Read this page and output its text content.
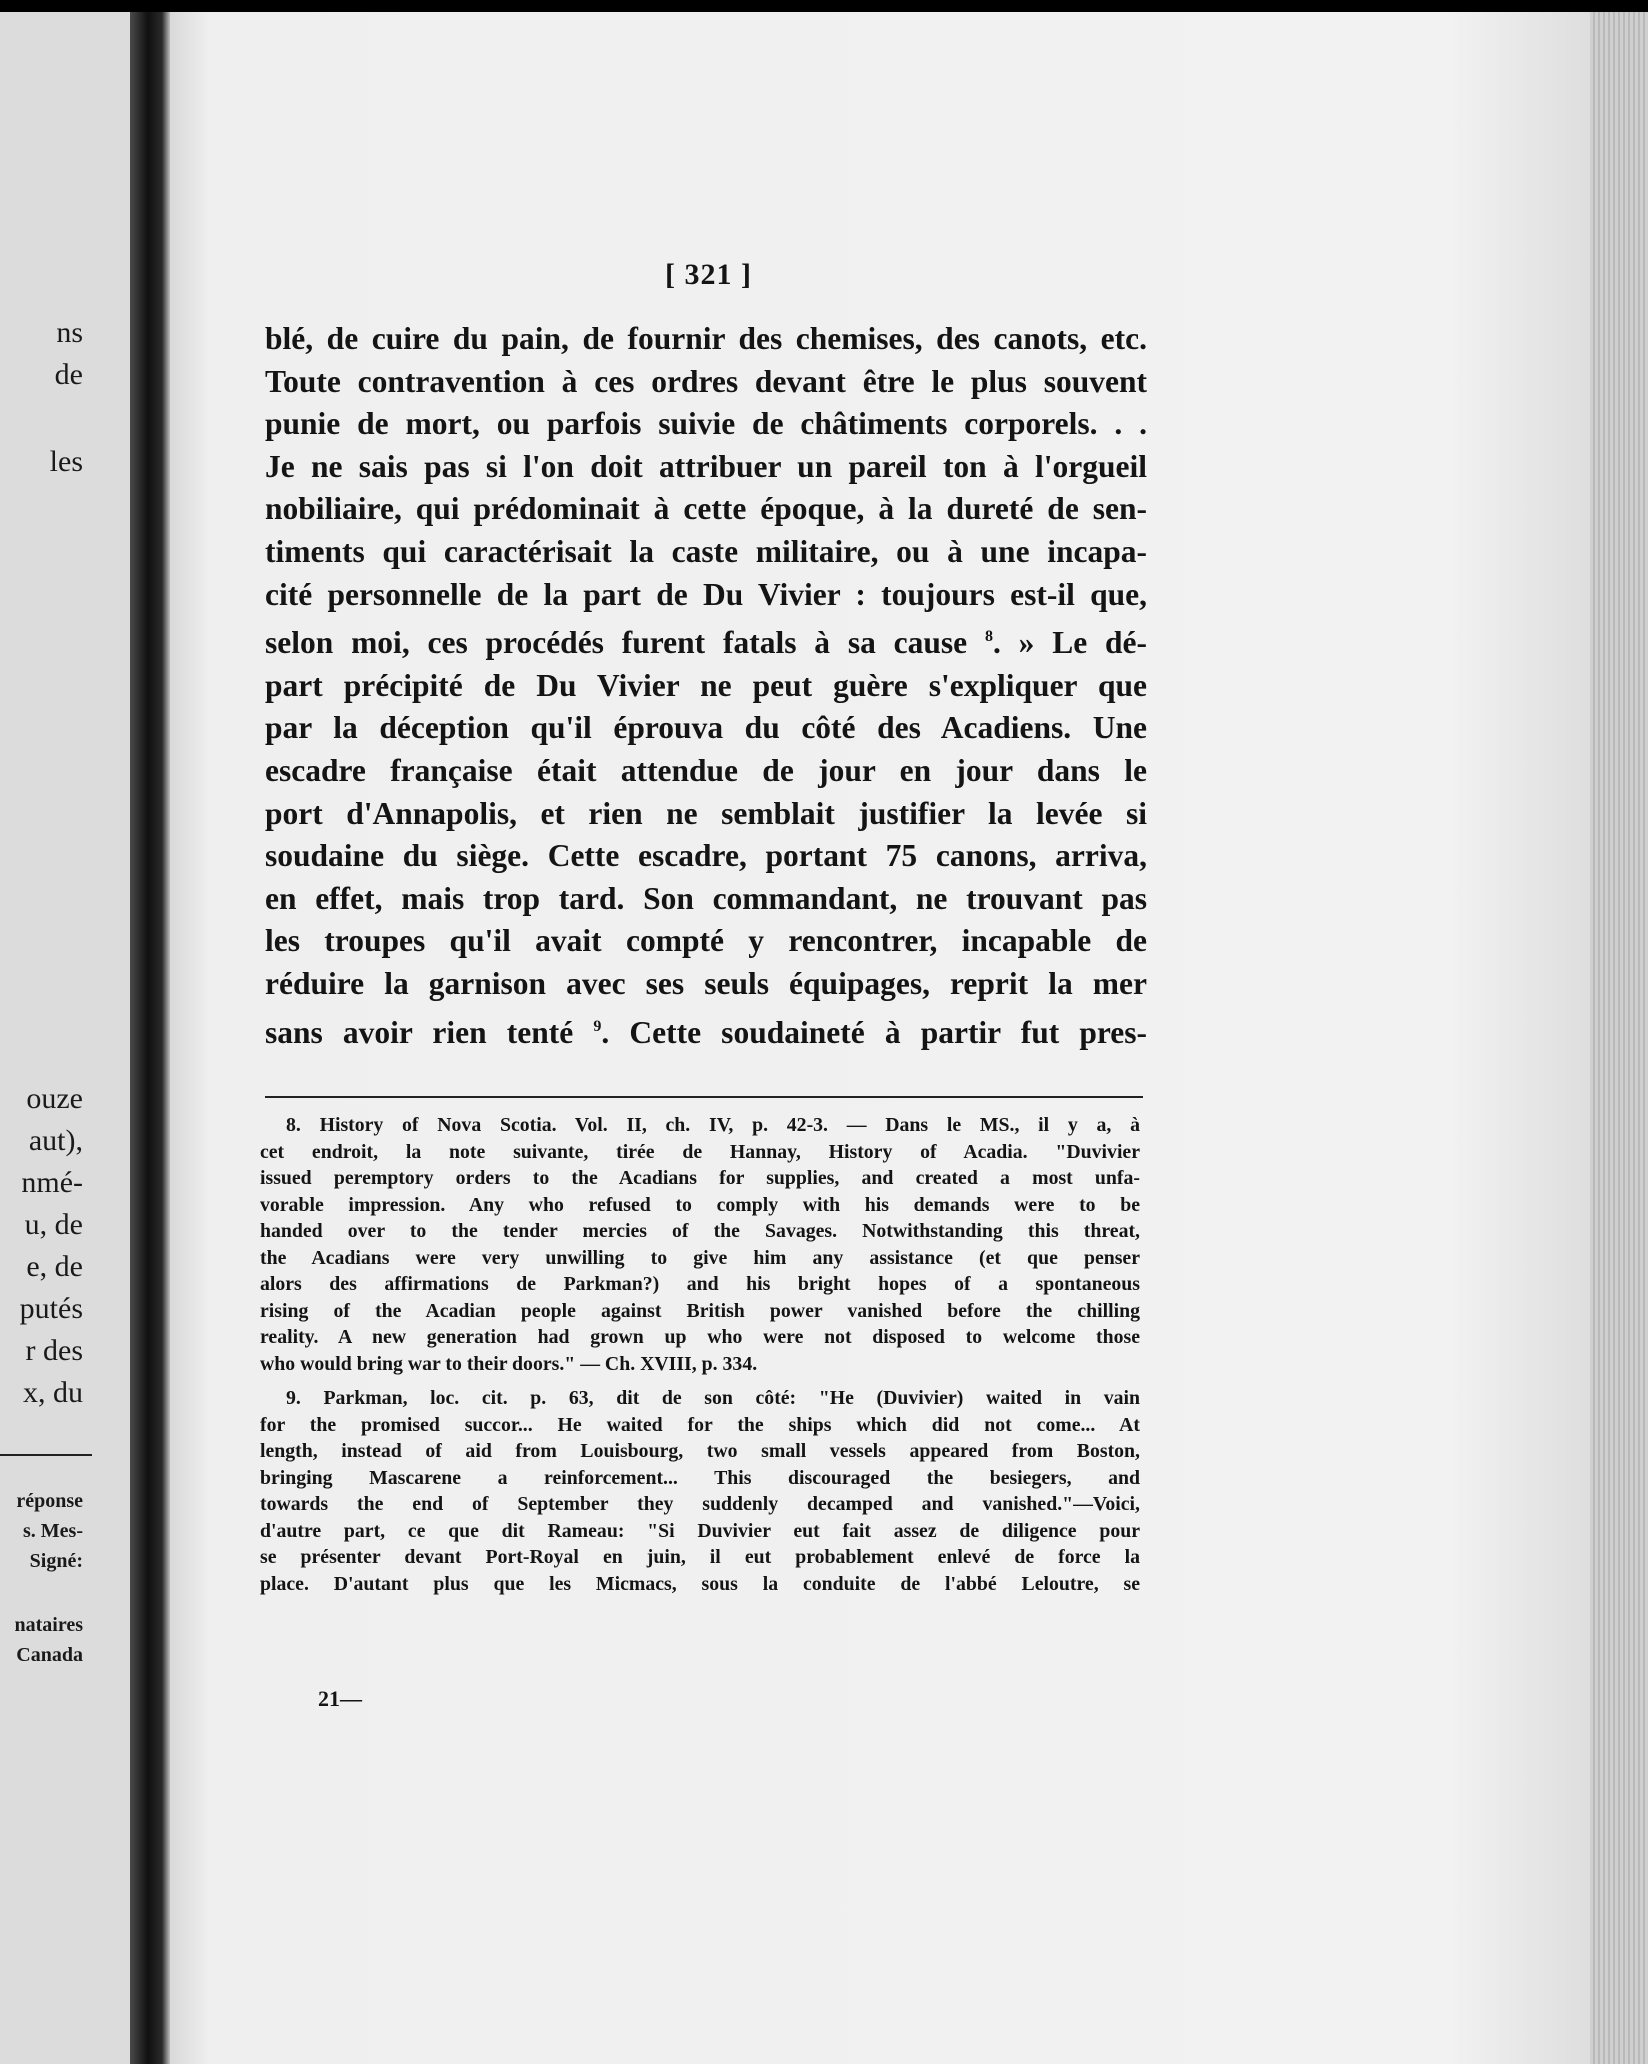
ns
de
les
ouze
aut),
nmé-
u, de
e, de
putés
r des
x, du
réponse
s. Mes-
Signé:
nataires
Canada
[ 321 ]
blé, de cuire du pain, de fournir des chemises, des canots, etc.
Toute contravention à ces ordres devant être le plus souvent
punie de mort, ou parfois suivie de châtiments corporels. . .
Je ne sais pas si l'on doit attribuer un pareil ton à l'orgueil
nobiliaire, qui prédominait à cette époque, à la dureté de sen-
timents qui caractérisait la caste militaire, ou à une incapa-
cité personnelle de la part de Du Vivier : toujours est-il que,
selon moi, ces procédés furent fatals à sa cause $^8$. » Le dé-
part précipité de Du Vivier ne peut guère s'expliquer que
par la déception qu'il éprouva du côté des Acadiens. Une
escadre française était attendue de jour en jour dans le
port d'Annapolis, et rien ne semblait justifier la levée si
soudaine du siège. Cette escadre, portant 75 canons, arriva,
en effet, mais trop tard. Son commandant, ne trouvant pas
les troupes qu'il avait compté y rencontrer, incapable de
réduire la garnison avec ses seuls équipages, reprit la mer
sans avoir rien tenté $^9$. Cette soudaineté à partir fut pres-
8. History of Nova Scotia. Vol. II, ch. IV, p. 42-3. — Dans le MS., il y a, à
cet endroit, la note suivante, tirée de Hannay, History of Acadia. "Duvivier
issued peremptory orders to the Acadians for supplies, and created a most unfa-
vorable impression. Any who refused to comply with his demands were to be
handed over to the tender mercies of the Savages. Notwithstanding this threat,
the Acadians were very unwilling to give him any assistance (et que penser
alors des affirmations de Parkman?) and his bright hopes of a spontaneous
rising of the Acadian people against British power vanished before the chilling
reality. A new generation had grown up who were not disposed to welcome those
who would bring war to their doors." — Ch. XVIII, p. 334.
9. Parkman, loc. cit. p. 63, dit de son côté: "He (Duvivier) waited in vain
for the promised succor... He waited for the ships which did not come... At
length, instead of aid from Louisbourg, two small vessels appeared from Boston,
bringing Mascarene a reinforcement... This discouraged the besiegers, and
towards the end of September they suddenly decamped and vanished."—Voici,
d'autre part, ce que dit Rameau: "Si Duvivier eut fait assez de diligence pour
se présenter devant Port-Royal en juin, il eut probablement enlevé de force la
place. D'autant plus que les Micmacs, sous la conduite de l'abbé Leloutre, se
21—
